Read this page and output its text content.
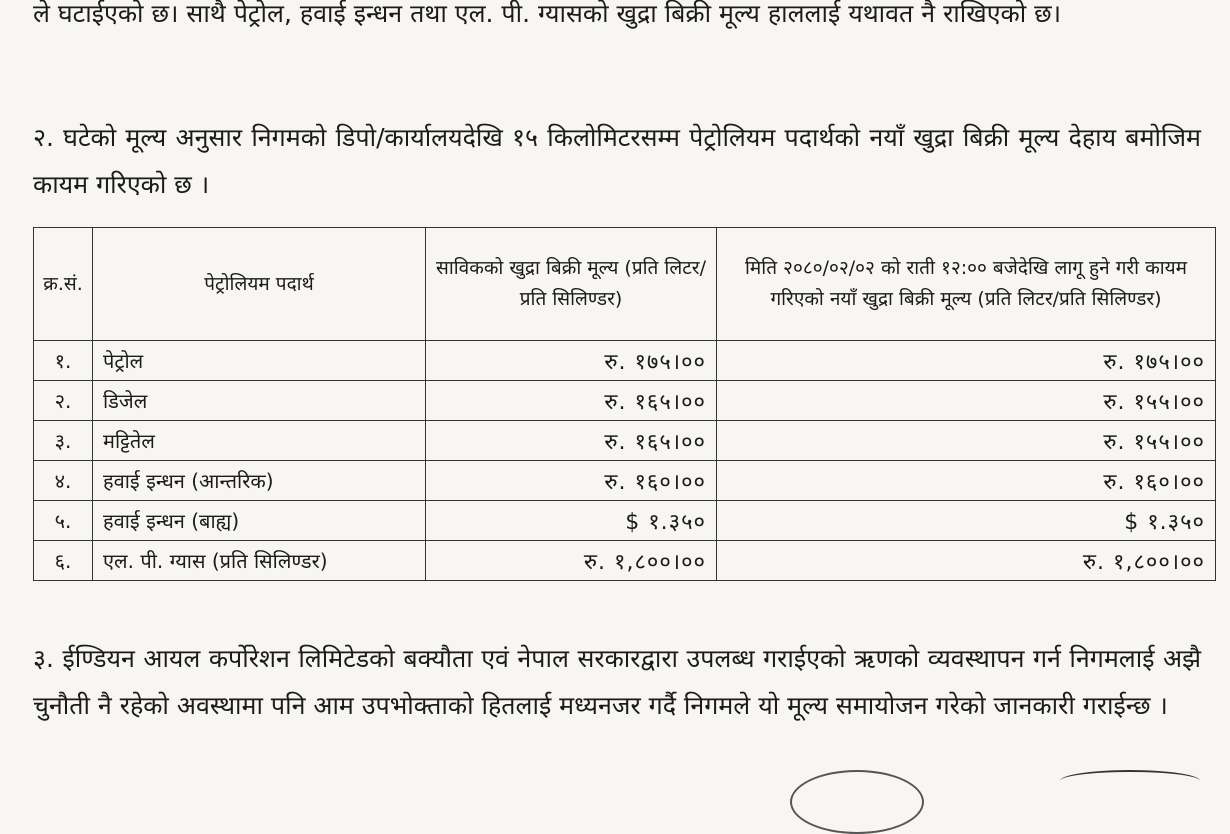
ले घटाईएको छ। साथै पेट्रोल, हवाई इन्धन तथा एल. पी. ग्यासको खुद्रा बिक्री मूल्य हाललाई यथावत नै राखिएको छ।
२. घटेको मूल्य अनुसार निगमको डिपो/कार्यालयदेखि १५ किलोमिटरसम्म पेट्रोलियम पदार्थको नयाँ खुद्रा बिक्री मूल्य देहाय बमोजिम कायम गरिएको छ ।
क्र.सं.	पेट्रोलियम पदार्थ	साविकको खुद्रा बिक्री मूल्य (प्रति लिटर/प्रति सिलिण्डर)	मिति २०८०/०२/०२ को राती १२:०० बजेदेखि लागू हुने गरी कायम गरिएको नयाँ खुद्रा बिक्री मूल्य (प्रति लिटर/प्रति सिलिण्डर)
१.	पेट्रोल	रु. १७५।००	रु. १७५।००
२.	डिजेल	रु. १६५।००	रु. १५५।००
३.	मट्टितेल	रु. १६५।००	रु. १५५।००
४.	हवाई इन्धन (आन्तरिक)	रु. १६०।००	रु. १६०।००
५.	हवाई इन्धन (बाह्य)	$ १.३५०	$ १.३५०
६.	एल. पी. ग्यास (प्रति सिलिण्डर)	रु. १,८००।००	रु. १,८००।००
३. ईण्डियन आयल कर्पोरेशन लिमिटेडको बक्यौता एवं नेपाल सरकारद्वारा उपलब्ध गराईएको ऋणको व्यवस्थापन गर्न निगमलाई अझै चुनौती नै रहेको अवस्थामा पनि आम उपभोक्ताको हितलाई मध्यनजर गर्दै निगमले यो मूल्य समायोजन गरेको जानकारी गराईन्छ ।
